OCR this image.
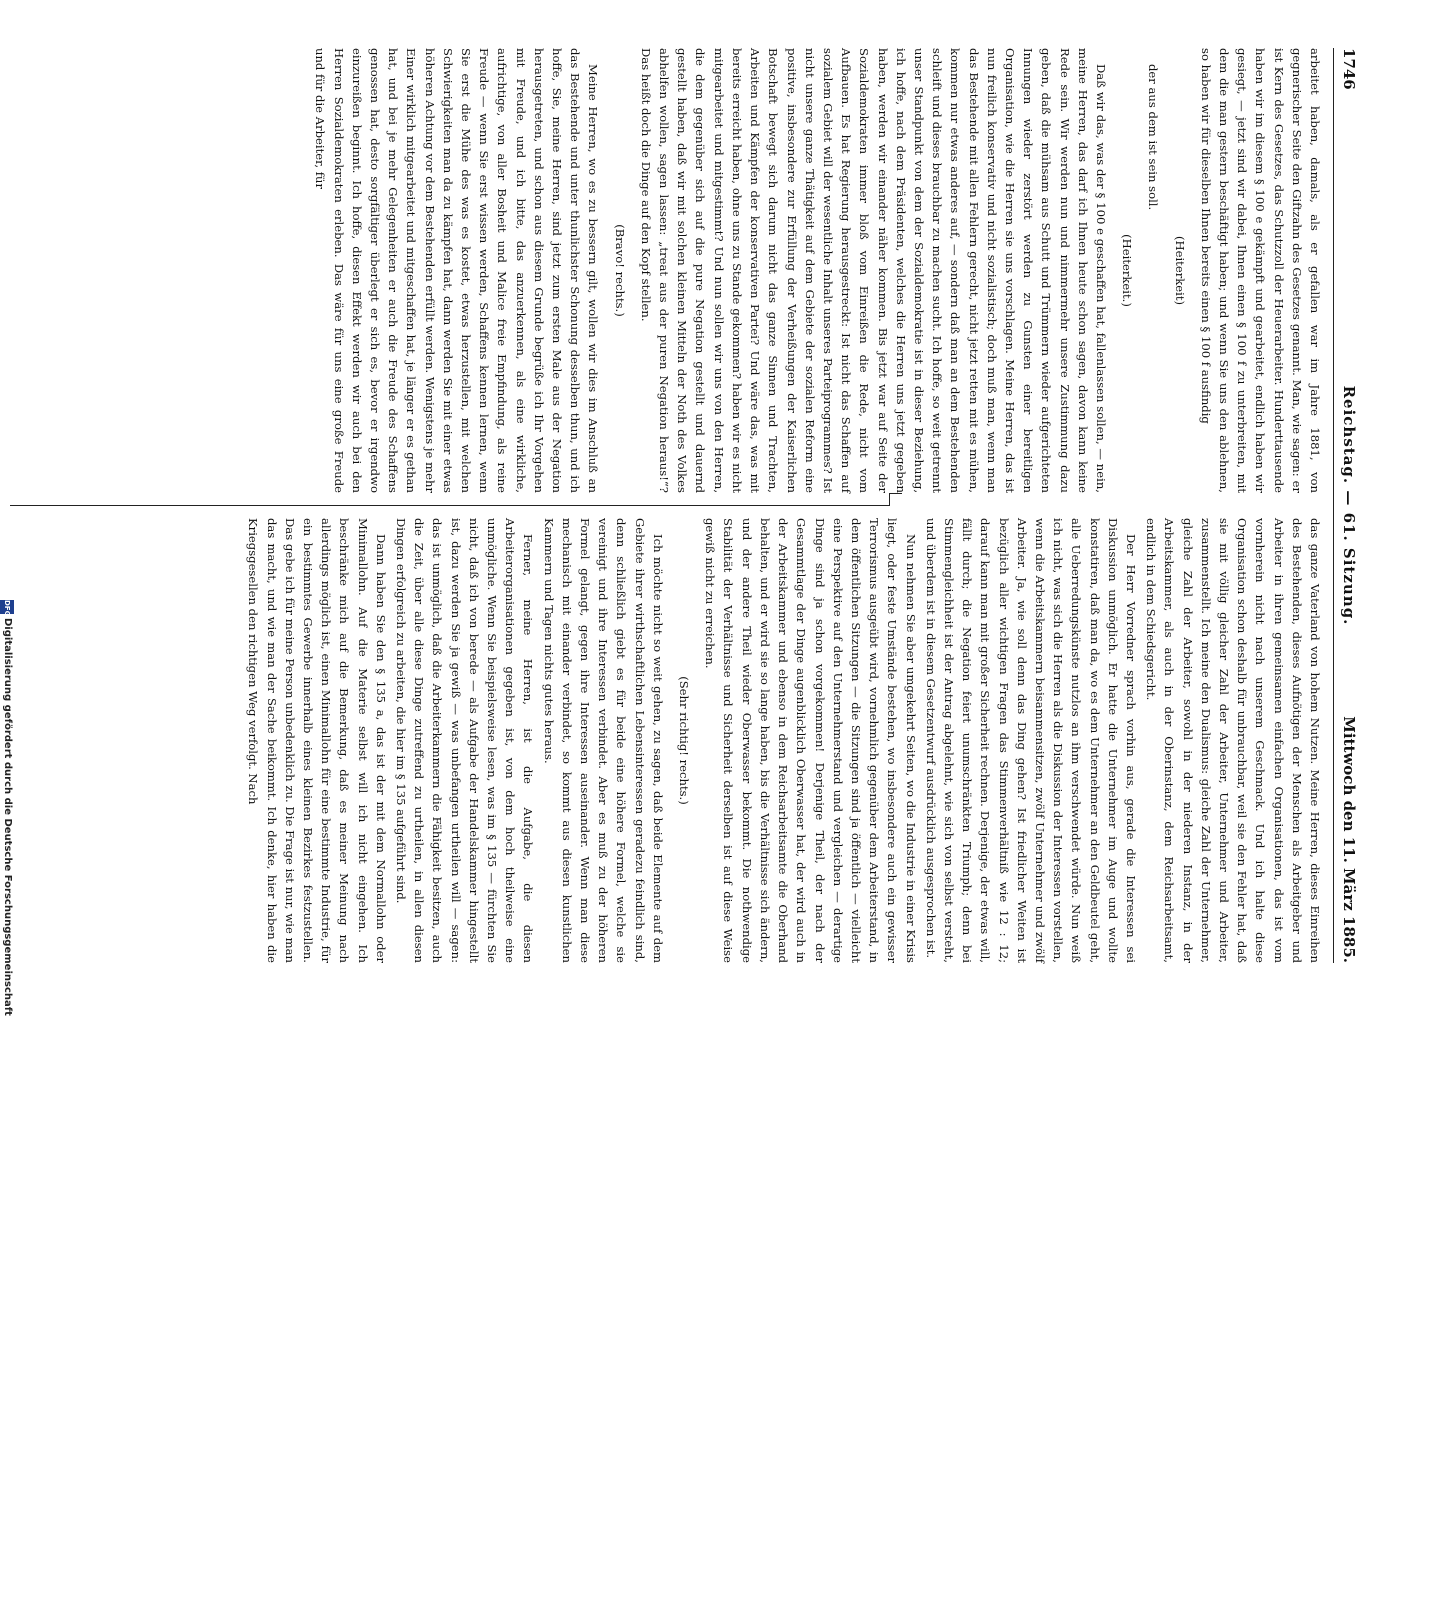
1746
Reichstag. — 61. Sitzung.
Mittwoch den 11. März 1885.

arbeitet haben, damals, als er gefallen war im Jahre 1881, von gegnerischer Seite den Giftzahn des Gesetzes genannt. Man, wie sagen: er ist Kern des Gesetzes, das Schutzzoll der Heuerarbeiter. Hunderttausende haben wir im diesem § 100 e gekämpft und gearbeitet, endlich haben wir gesiegt, — jetzt sind wir dabei, Ihnen einen § 100 f zu unterbreiten, mit dem die man gestern beschäftigt haben; und wenn Sie uns den ablehnen, so haben wir für dieselben Ihnen bereits einen § 100 f ausfindig

(Heiterkeit)

der aus dem ist sein soll.

(Heiterkeit.)

Daß wir das, was der § 100 e geschaffen hat, fallenlassen sollen, — nein, meine Herren, das darf ich Ihnen heute schon sagen, davon kann keine Rede sein. Wir werden nun und nimmermehr unsere Zustimmung dazu geben, daß die mühsam aus Schutt und Trümmern wieder aufgerichteten Innungen wieder zerstört werden zu Gunsten einer bereitligen Organisation, wie die Herren sie uns vorschlagen. Meine Herren, das ist nun freilich konservativ und nicht sozialistisch; doch muß man, wenn man das Bestehende mit allen Fehlern gerecht, nicht jetzt retten mit es mühen, kommen nur etwas anderes auf, — sondern daß man an dem Bestehenden schleift und dieses brauchbar zu machen sucht. Ich hoffe, so weit getrennt unser Standpunkt von dem der Sozialdemokratie ist in dieser Beziehung, ich hoffe, nach dem Präsidenten, welches die Herren uns jetzt gegeben haben, werden wir einander näher kommen. Bis jetzt war auf Seite der Sozialdemokraten immer bloß vom Einreißen die Rede, nicht vom Aufbauen. Es hat Regierung herausgestreckt: Ist nicht das Schaffen auf sozialem Gebiet will der wesentliche Inhalt unseres Parteiprogrammes? Ist nicht unsere ganze Thätigkeit auf dem Gebiete der sozialen Reform eine positive, insbesondere zur Erfüllung der Verheißungen der Kaiserlichen Botschaft bewegt sich darum nicht das ganze Sinnen und Trachten, Arbeiten und Kämpfen der konservativen Partei? Und wäre das, was mit bereits erreicht haben, ohne uns zu Stande gekommen? haben wir es nicht mitgearbeitet und mitgestimmt? Und nun sollen wir uns von den Herren, die dem gegenüber sich auf die pure Negation gestellt und dauernd gestellt haben, daß wir mit solchen kleinen Mitteln der Noth des Volkes abhelfen wollen, sagen lassen: „treat aus der puren Negation heraus!“? Das heißt doch die Dinge auf den Kopf stellen.

(Bravo! rechts.)

Meine Herren, wo es zu bessern gilt, wollen wir dies im Anschluß an das Bestehende und unter thunlichster Schonung desselben thun, und ich hoffe, Sie, meine Herren, sind jetzt zum ersten Male aus der Negation herausgetreten, und schon aus diesem Grunde begrüße ich Ihr Vorgehen mit Freude, und ich bitte, das anzuerkennen, als eine wirkliche, aufrichtige, von aller Bosheit und Malice freie Empfindung, als reine Freude — wenn Sie erst wissen werden, Schaffens kennen lernen, wenn Sie erst die Mühe des was es kostet, etwas herzustellen, mit welchen Schwierigkeiten man da zu kämpfen hat, dann werden Sie mit einer etwas höheren Achtung vor dem Bestehenden erfüllt werden. Wenigstens je mehr Einer wirklich mitgearbeitet und mitgeschaffen hat, je länger er es gethan hat, und bei je mehr Gelegenheiten er auch die Freude des Schaffens genossen hat, desto sorgfältiger überlegt er sich es, bevor er irgendwo einzureißen beginnt. Ich hoffe, diesen Effekt werden wir auch bei den Herren Sozialdemokraten erleben. Das wäre für uns eine große Freude und für die Arbeiter, für

das ganze Vaterland von hohem Nutzen. Meine Herren, dieses Einreihen des Bestehenden, dieses Aufnötigen der Menschen als Arbeitgeber und Arbeiter in ihren gemeinsamen einfachen Organisationen, das ist vom vornherein nicht nach unserem Geschmack. Und ich halte diese Organisation schon deshalb für unbrauchbar, weil sie den Fehler hat, daß sie mit völlig gleicher Zahl der Arbeiter, Unternehmer und Arbeiter, zusammenstellt. Ich meine den Dualismus: gleiche Zahl der Unternehmer, gleiche Zahl der Arbeiter, sowohl in der niederen Instanz, in der Arbeitskammer, als auch in der Oberinstanz, dem Reichsarbeitsamt, endlich in dem Schiedsgericht.

Der Herr Vorredner sprach vorhin aus, gerade die Interessen sei Diskussion unmöglich. Er hatte die Unternehmer im Auge und wollte konstatiren, daß man da, wo es dem Unternehmer an den Geldbeutel geht, alle Ueberredungskünste nutzlos an ihm verschwendet würde. Nun weiß ich nicht, was sich die Herren als die Diskussion der Interessen vorstellen, wenn die Arbeitskammern beisammensitzen, zwölf Unternehmer und zwölf Arbeiter. Ja, wie soll denn das Ding gehen? Ist friedlicher Weiten ist bezüglich aller wichtigen Fragen das Stimmenverhältniß wie 12 : 12; darauf kann man mit großer Sicherheit rechnen. Derjenige, der etwas will, fällt durch; die Negation feiert unumschränkten Triumph; denn bei Stimmengleichheit ist der Antrag abgelehnt, wie sich von selbst versteht, und überdem ist in diesem Gesetzentwurf ausdrücklich ausgesprochen ist.

Nun nehmen Sie aber umgekehrt Seiten, wo die Industrie in einer Krisis liegt, oder feste Umstände bestehen, wo insbesondere auch ein gewisser Terrorismus ausgeübt wird, vornehmlich gegenüber dem Arbeiterstand, in dem öffentlichen Sitzungen — die Sitzungen sind ja öffentlich — vielleicht eine Perspektive auf den Unternehmerstand und vergleichen — derartige Dinge sind ja schon vorgekommen! Derjenige Theil, der nach der Gesammtlage der Dinge augenblicklich Oberwasser hat, der wird auch in der Arbeitskammer und ebenso in dem Reichsarbeitsamte die Oberhand behalten, und er wird sie so lange haben, bis die Verhältnisse sich ändern, und der andere Theil wieder Oberwasser bekommt. Die nothwendige Stabilität der Verhältnisse und Sicherheit derselben ist auf diese Weise gewiß nicht zu erreichen.

(Sehr richtig! rechts.)

Ich möchte nicht so weit gehen, zu sagen, daß beide Elemente auf dem Gebiete ihrer wirthschaftlichen Lebensinteressen geradezu feindlich sind, denn schließlich giebt es für beide eine höhere Formel, welche sie vereinigt und ihre Interessen verbindet. Aber es muß zu der höheren Formel gelangt, gegen ihre Interessen auseinander. Wenn man diese mechanisch mit einander verbindet, so kommt aus diesen kunstlichen Kammern und Tagen nichts gutes heraus.

Ferner, meine Herren, ist die Aufgabe, die diesen Arbeiterorganisationen gegeben ist, von dem hoch theilweise eine unmögliche. Wenn Sie beispielsweise lesen, was im § 135 — fürchten Sie nicht, daß ich von berede — als Aufgabe der Handelskammer hingestellt ist, dazu werden Sie ja gewiß — was unbefangen urtheilen will — sagen: das ist unmöglich, daß die Arbeiterkammern die Fähigkeit besitzen, auch die Zeit, über alle diese Dinge zutreffend zu urtheilen, in allen diesen Dingen erfolgreich zu arbeiten, die hier im § 135 aufgeführt sind.

Dann haben Sie den § 135 a, das ist der mit dem Normallohn oder Minimallohn. Auf die Materie selbst will ich nicht eingehen. Ich beschränke mich auf die Bemerkung, daß es meiner Meinung nach allerdings möglich ist, einen Minimallohn für eine bestimmte Industrie, für ein bestimmtes Gewerbe innerhalb eines kleinen Bezirkes festzustellen. Das gebe ich für meine Person unbedenklich zu. Die Frage ist nur, wie man das macht, und wie man der Sache beikommt. Ich denke, hier haben die Kriegsgesellen den richtigen Weg verfolgt. Nach

DFGDigitalisierung gefördert durch die Deutsche Forschungsgemeinschaft
